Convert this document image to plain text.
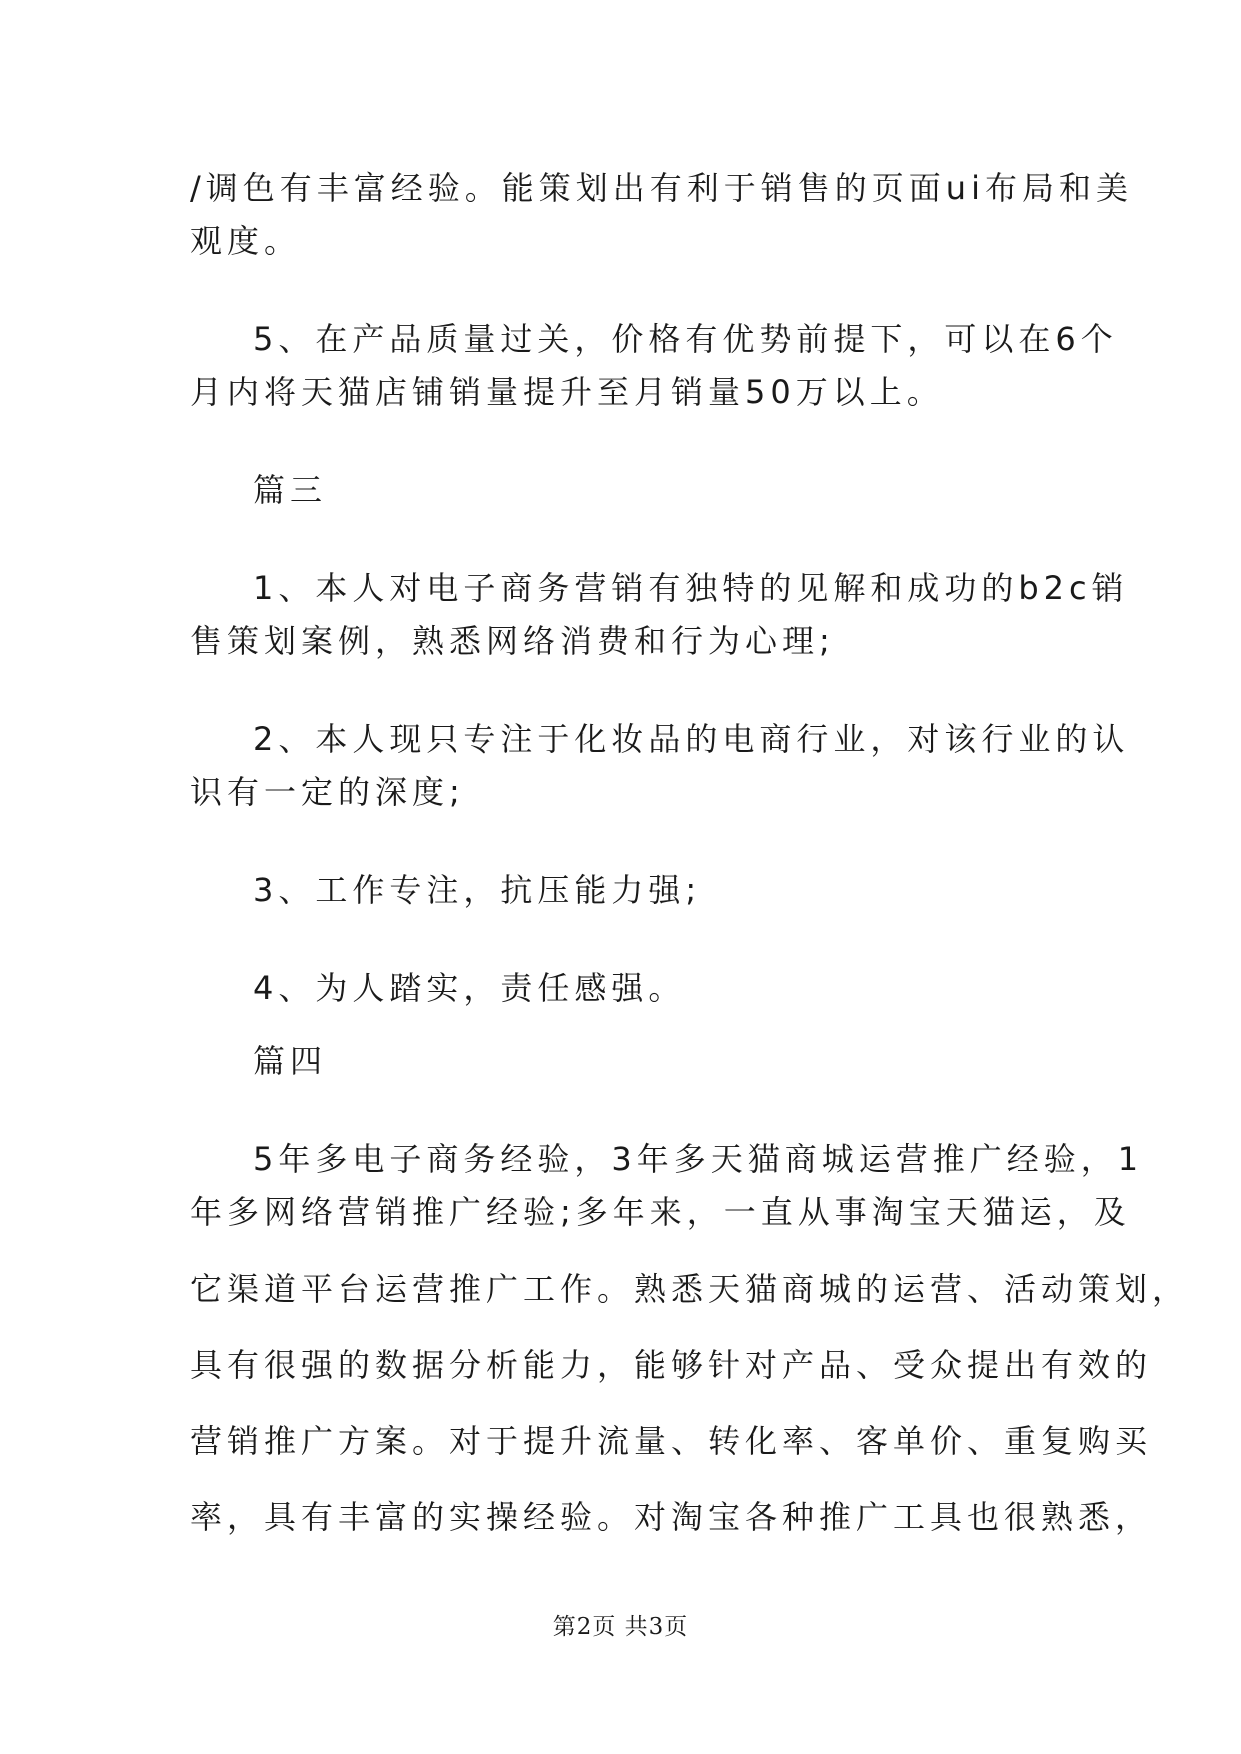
/调色有丰富经验。能策划出有利于销售的页面ui布局和美
观度。
5、在产品质量过关，价格有优势前提下，可以在6个
月内将天猫店铺销量提升至月销量50万以上。
篇三
1、本人对电子商务营销有独特的见解和成功的b2c销
售策划案例，熟悉网络消费和行为心理;
2、本人现只专注于化妆品的电商行业，对该行业的认
识有一定的深度;
3、工作专注，抗压能力强;
4、为人踏实，责任感强。
篇四
5年多电子商务经验，3年多天猫商城运营推广经验，1
年多网络营销推广经验;多年来，一直从事淘宝天猫运，及
它渠道平台运营推广工作。熟悉天猫商城的运营、活动策划，
具有很强的数据分析能力，能够针对产品、受众提出有效的
营销推广方案。对于提升流量、转化率、客单价、重复购买
率，具有丰富的实操经验。对淘宝各种推广工具也很熟悉，
第2页 共3页
